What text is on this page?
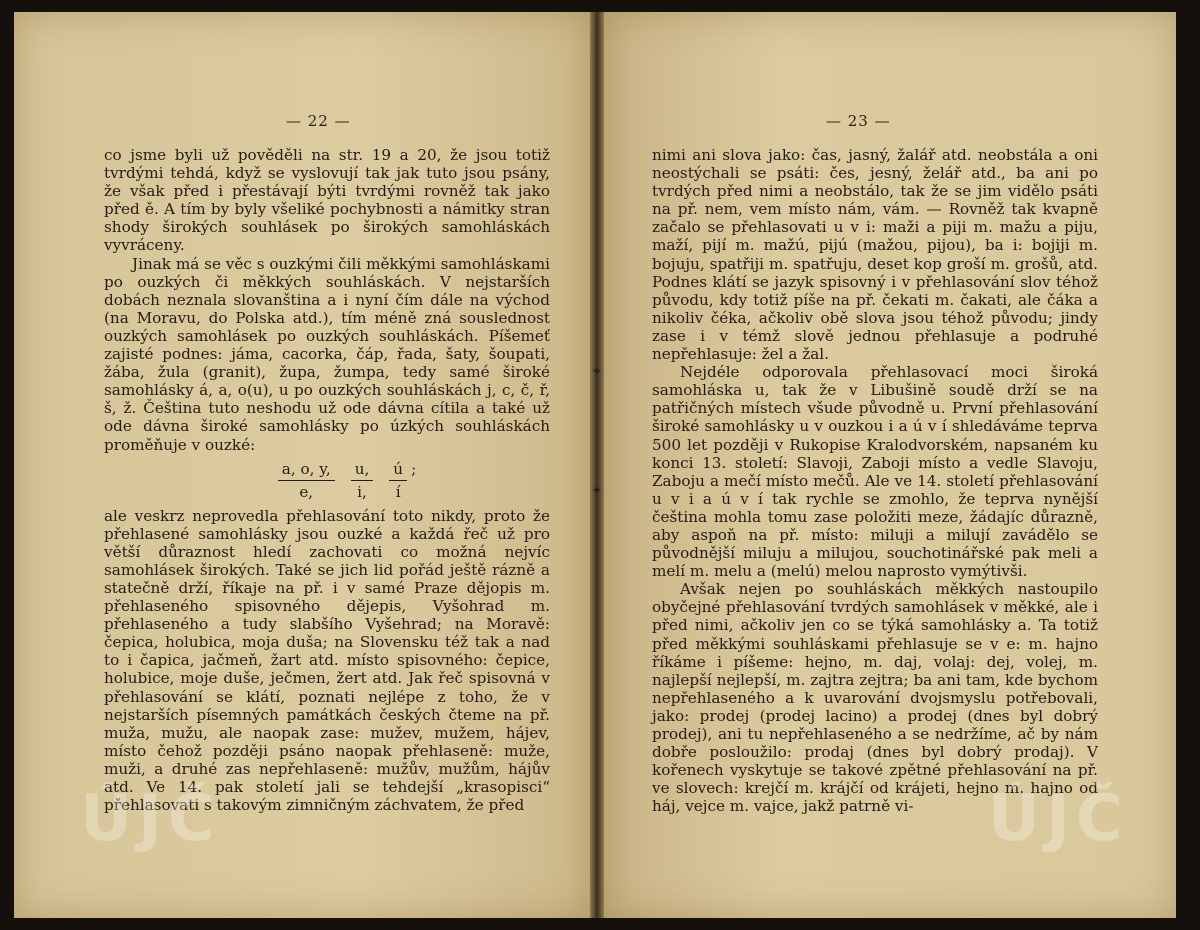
— 22 —

co jsme byli už pověděli na str. 19 a 20, že jsou totiž tvrdými tehdá, když se vyslovují tak jak tuto jsou psány, že však před i přestávají býti tvrdými rovněž tak jako před ě. A tím by byly všeliké pochybnosti a námitky stran shody širokých souhlásek po širokých samohláskách vyvráceny.

Jinak má se věc s ouzkými čili měkkými samohláskami po ouzkých či měkkých souhláskách. V nejstarších dobách neznala slovanština a i nyní čím dále na východ (na Moravu, do Polska atd.), tím méně zná souslednost ouzkých samohlásek po ouzkých souhláskách. Píšemeť zajisté podnes: jáma, cacorka, čáp, řada, šaty, šoupati, žába, žula (granit), župa, žumpa, tedy samé široké samohlásky á, a, o(u), u po ouzkých souhláskách j, c, č, ř, š, ž. Čeština tuto neshodu už ode dávna cítila a také už ode dávna široké samohlásky po úzkých souhláskách proměňuje v ouzké:

$\frac{a, o, y,}{e,} \frac{u,}{i,} \frac{ú}{í}$ ;

ale veskrz neprovedla přehlasování toto nikdy, proto že přehlasené samohlásky jsou ouzké a každá řeč už pro větší důraznost hledí zachovati co možná nejvíc samohlásek širokých. Také se jich lid pořád ještě rázně a statečně drží, říkaje na př. i v samé Praze dějopis m. přehlaseného spisovného dějepis, Vyšohrad m. přehlaseného a tudy slabšího Vyšehrad; na Moravě: čepica, holubica, moja duša; na Slovensku též tak a nad to i čapica, jačmeň, žart atd. místo spisovného: čepice, holubice, moje duše, ječmen, žert atd. Jak řeč spisovná v přehlasování se klátí, poznati nejlépe z toho, že v nejstarších písemných památkách českých čteme na př. muža, mužu, ale naopak zase: mužev, mužem, hájev, místo čehož později psáno naopak přehlaseně: muže, muži, a druhé zas nepřehlaseně: mužův, mužům, hájův atd. Ve 14. pak století jali se tehdejší „krasopisci“ přehlasovati s takovým zimničným záchvatem, že před

ÚJČ
— 23 —

nimi ani slova jako: čas, jasný, žalář atd. neobstála a oni neostýchali se psáti: čes, jesný, želář atd., ba ani po tvrdých před nimi a neobstálo, tak že se jim vidělo psáti na př. nem, vem místo nám, vám. — Rovněž tak kvapně začalo se přehlasovati u v i: maži a piji m. mažu a piju, maží, pijí m. mažú, pijú (mažou, pijou), ba i: bojiji m. bojuju, spatřiji m. spatřuju, deset kop groší m. grošů, atd. Podnes klátí se jazyk spisovný i v přehlasování slov téhož původu, kdy totiž píše na př. čekati m. čakati, ale čáka a nikoliv čéka, ačkoliv obě slova jsou téhož původu; jindy zase i v témž slově jednou přehlasuje a podruhé nepřehlasuje: žel a žal.

Nejdéle odporovala přehlasovací moci široká samohláska u, tak že v Libušině soudě drží se na patřičných místech všude původně u. První přehlasování široké samohlásky u v ouzkou i a ú v í shledáváme teprva 500 let později v Rukopise Kralodvorském, napsaném ku konci 13. století: Slavoji, Zaboji místo a vedle Slavoju, Zaboju a mečí místo mečů. Ale ve 14. století přehlasování u v i a ú v í tak rychle se zmohlo, že teprva nynější čeština mohla tomu zase položiti meze, žádajíc důrazně, aby aspoň na př. místo: miluji a milují zavádělo se původnější miluju a milujou, souchotinářské pak meli a melí m. melu a (melú) melou naprosto vymýtivši.

Avšak nejen po souhláskách měkkých nastoupilo obyčejné přehlasování tvrdých samohlásek v měkké, ale i před nimi, ačkoliv jen co se týká samohlásky a. Ta totiž před měkkými souhláskami přehlasuje se v e: m. hajno říkáme i píšeme: hejno, m. daj, volaj: dej, volej, m. najlepší nejlepší, m. zajtra zejtra; ba ani tam, kde bychom nepřehlaseného a k uvarování dvojsmyslu potřebovali, jako: prodej (prodej lacino) a prodej (dnes byl dobrý prodej), ani tu nepřehlaseného a se nedržíme, ač by nám dobře posloužilo: prodaj (dnes byl dobrý prodaj). V kořenech vyskytuje se takové zpětné přehlasování na př. ve slovech: krejčí m. krájčí od krájeti, hejno m. hajno od háj, vejce m. vajce, jakž patrně vi-	ÚJČ
✦
✦
